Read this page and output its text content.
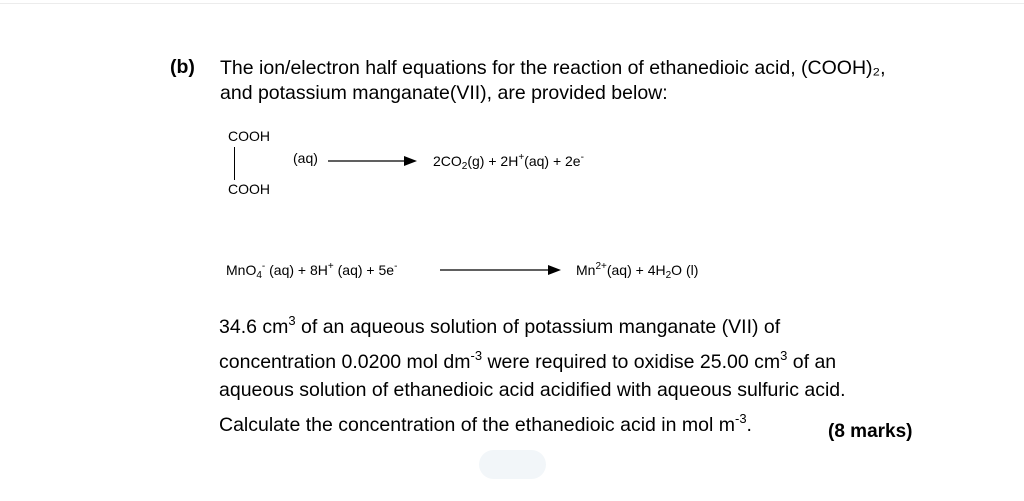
(b) The ion/electron half equations for the reaction of ethanedioic acid, (COOH)₂,
and potassium manganate(VII), are provided below:
COOH
COOH
(aq)	$2CO_2(g) + 2H^+(aq) + 2e^-$
MnO$_4$- (aq) + 8H+ (aq) + 5e-	$Mn^{2+}(aq) + 4H_2O$ (l)
34.6 $cm^3$ of an aqueous solution of potassium manganate (VII) of
concentration 0.0200 mol $dm^{-3}$ were required to oxidise 25.00 $cm^3$ of an
aqueous solution of ethanedioic acid acidified with aqueous sulfuric acid.
Calculate the concentration of the ethanedioic acid in mol $m^{-3}$.	(8 marks)
